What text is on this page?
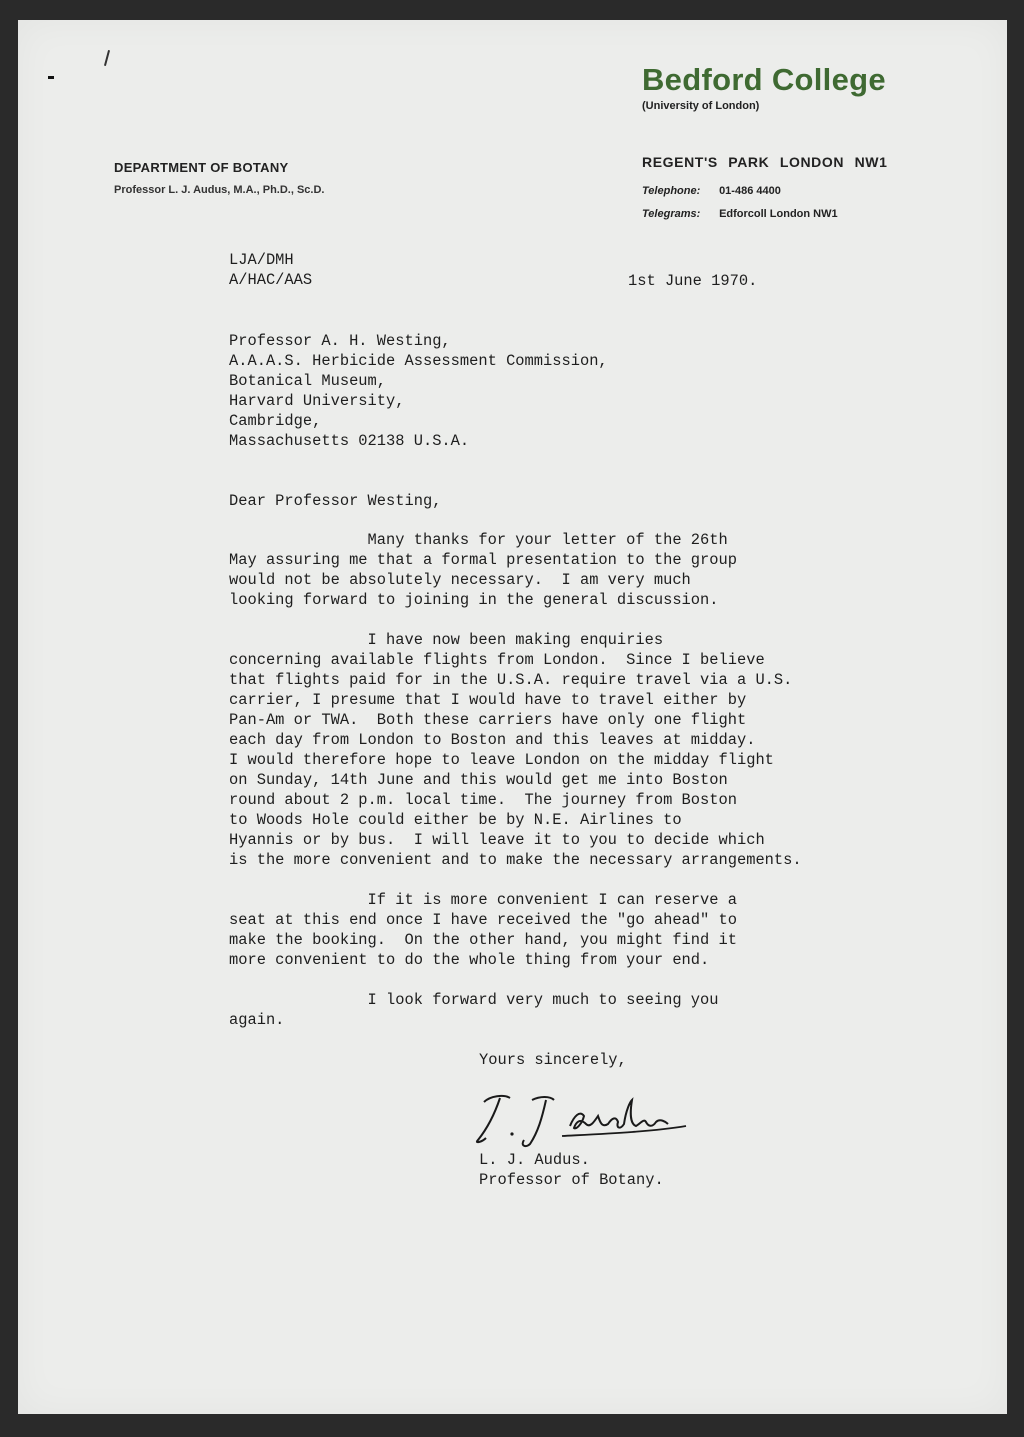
Bedford College
(University of London)
DEPARTMENT OF BOTANY
Professor L. J. Audus, M.A., Ph.D., Sc.D.
REGENT'S PARK LONDON NW1
Telephone: 01-486 4400
Telegrams: Edforcoll London NW1
LJA/DMH
A/HAC/AAS	1st June 1970.
Professor A. H. Westing,
A.A.A.S. Herbicide Assessment Commission,
Botanical Museum,
Harvard University,
Cambridge,
Massachusetts 02138 U.S.A.
Dear Professor Westing,
Many thanks for your letter of the 26th
May assuring me that a formal presentation to the group
would not be absolutely necessary.  I am very much
looking forward to joining in the general discussion.
I have now been making enquiries
concerning available flights from London.  Since I believe
that flights paid for in the U.S.A. require travel via a U.S.
carrier, I presume that I would have to travel either by
Pan-Am or TWA.  Both these carriers have only one flight
each day from London to Boston and this leaves at midday.
I would therefore hope to leave London on the midday flight
on Sunday, 14th June and this would get me into Boston
round about 2 p.m. local time.  The journey from Boston
to Woods Hole could either be by N.E. Airlines to
Hyannis or by bus.  I will leave it to you to decide which
is the more convenient and to make the necessary arrangements.
If it is more convenient I can reserve a
seat at this end once I have received the "go ahead" to
make the booking.  On the other hand, you might find it
more convenient to do the whole thing from your end.
I look forward very much to seeing you
again.
Yours sincerely,
L. J. Audus.
Professor of Botany.
